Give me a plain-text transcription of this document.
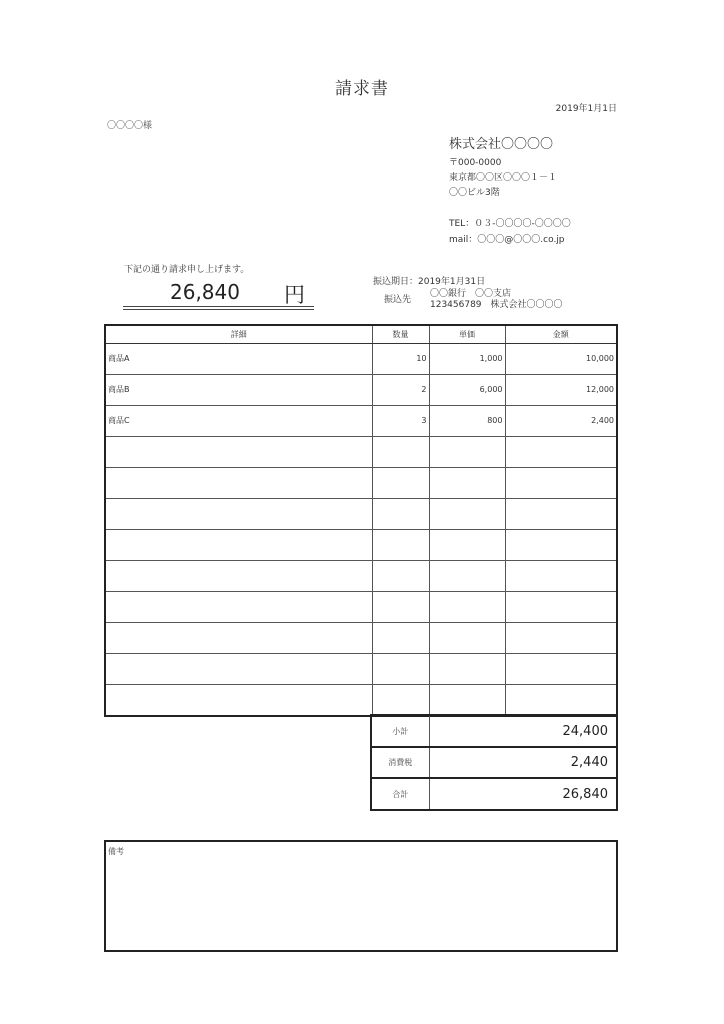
請求書
2019年1月1日
〇〇〇〇様
株式会社〇〇〇〇
〒000-0000
東京都〇〇区〇〇〇１－１
〇〇ビル3階
TEL：０３-〇〇〇〇-〇〇〇〇
mail：〇〇〇@〇〇〇.co.jp
下記の通り請求申し上げます。
26,840 円
振込期日：2019年1月31日
振込先
〇〇銀行　〇〇支店
123456789　株式会社〇〇〇〇
詳細	数量	単価	金額
商品A	10	1,000	10,000
商品B	2	6,000	12,000
商品C	3	800	2,400

小計	24,400
消費税	2,440
合計	26,840
備考
